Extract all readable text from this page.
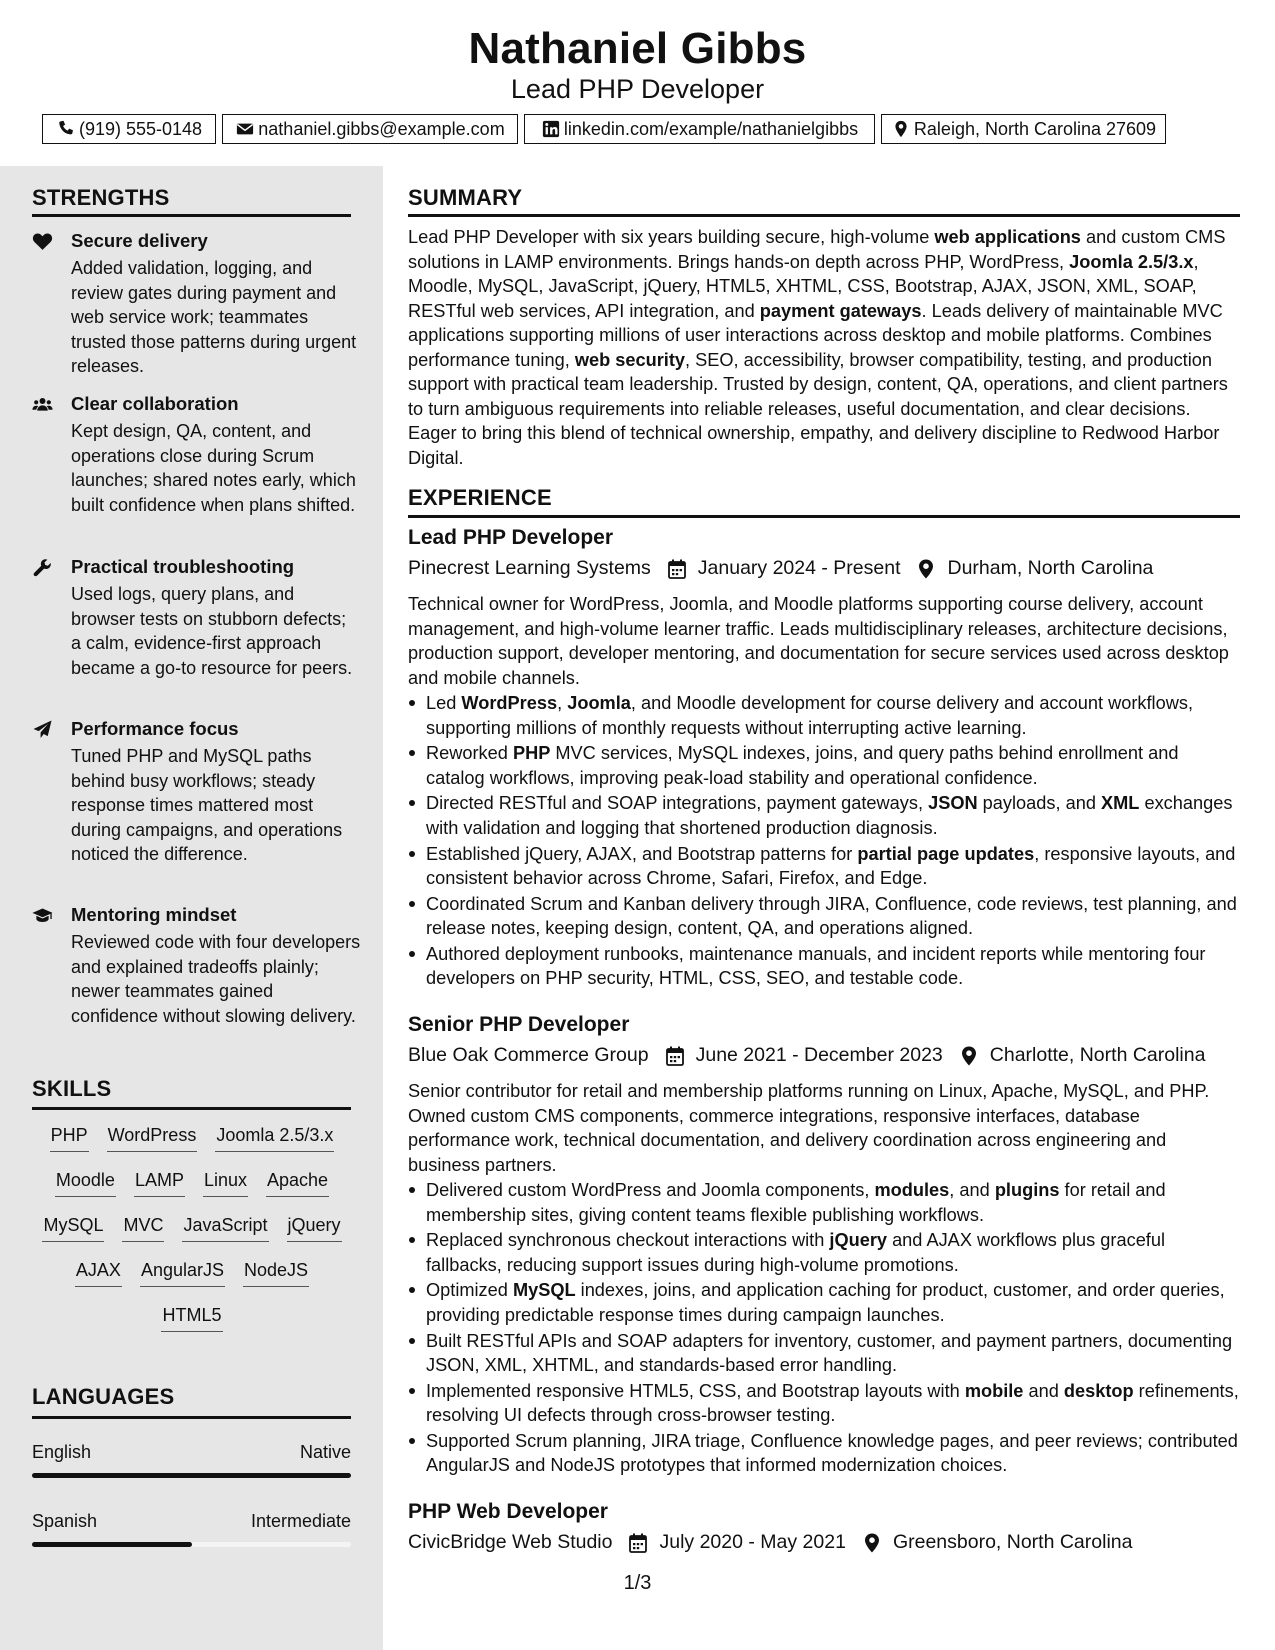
Nathaniel Gibbs
Lead PHP Developer
(919) 555-0148	nathaniel.gibbs@example.com	linkedin.com/example/nathanielgibbs	Raleigh, North Carolina 27609
STRENGTHS
Secure delivery
Added validation, logging, and review gates during payment and web service work; teammates trusted those patterns during urgent releases.
Clear collaboration
Kept design, QA, content, and operations close during Scrum launches; shared notes early, which built confidence when plans shifted.
Practical troubleshooting
Used logs, query plans, and browser tests on stubborn defects; a calm, evidence-first approach became a go-to resource for peers.
Performance focus
Tuned PHP and MySQL paths behind busy workflows; steady response times mattered most during campaigns, and operations noticed the difference.
Mentoring mindset
Reviewed code with four developers and explained tradeoffs plainly; newer teammates gained confidence without slowing delivery.
SKILLS
PHP WordPress Joomla 2.5/3.x
Moodle LAMP Linux Apache
MySQL MVC JavaScript jQuery
AJAX AngularJS NodeJS
HTML5
LANGUAGES
English	Native
Spanish	Intermediate
SUMMARY
Lead PHP Developer with six years building secure, high-volume web applications and custom CMS solutions in LAMP environments. Brings hands-on depth across PHP, WordPress, Joomla 2.5/3.x, Moodle, MySQL, JavaScript, jQuery, HTML5, XHTML, CSS, Bootstrap, AJAX, JSON, XML, SOAP, RESTful web services, API integration, and payment gateways. Leads delivery of maintainable MVC applications supporting millions of user interactions across desktop and mobile platforms. Combines performance tuning, web security, SEO, accessibility, browser compatibility, testing, and production support with practical team leadership. Trusted by design, content, QA, operations, and client partners to turn ambiguous requirements into reliable releases, useful documentation, and clear decisions. Eager to bring this blend of technical ownership, empathy, and delivery discipline to Redwood Harbor Digital.
EXPERIENCE
Lead PHP Developer
Pinecrest Learning Systems January 2024 - Present Durham, North Carolina
Technical owner for WordPress, Joomla, and Moodle platforms supporting course delivery, account management, and high-volume learner traffic. Leads multidisciplinary releases, architecture decisions, production support, developer mentoring, and documentation for secure services used across desktop and mobile channels.
Led WordPress, Joomla, and Moodle development for course delivery and account workflows, supporting millions of monthly requests without interrupting active learning.
Reworked PHP MVC services, MySQL indexes, joins, and query paths behind enrollment and catalog workflows, improving peak-load stability and operational confidence.
Directed RESTful and SOAP integrations, payment gateways, JSON payloads, and XML exchanges with validation and logging that shortened production diagnosis.
Established jQuery, AJAX, and Bootstrap patterns for partial page updates, responsive layouts, and consistent behavior across Chrome, Safari, Firefox, and Edge.
Coordinated Scrum and Kanban delivery through JIRA, Confluence, code reviews, test planning, and release notes, keeping design, content, QA, and operations aligned.
Authored deployment runbooks, maintenance manuals, and incident reports while mentoring four developers on PHP security, HTML, CSS, SEO, and testable code.
Senior PHP Developer
Blue Oak Commerce Group June 2021 - December 2023 Charlotte, North Carolina
Senior contributor for retail and membership platforms running on Linux, Apache, MySQL, and PHP. Owned custom CMS components, commerce integrations, responsive interfaces, database performance work, technical documentation, and delivery coordination across engineering and business partners.
Delivered custom WordPress and Joomla components, modules, and plugins for retail and membership sites, giving content teams flexible publishing workflows.
Replaced synchronous checkout interactions with jQuery and AJAX workflows plus graceful fallbacks, reducing support issues during high-volume promotions.
Optimized MySQL indexes, joins, and application caching for product, customer, and order queries, providing predictable response times during campaign launches.
Built RESTful APIs and SOAP adapters for inventory, customer, and payment partners, documenting JSON, XML, XHTML, and standards-based error handling.
Implemented responsive HTML5, CSS, and Bootstrap layouts with mobile and desktop refinements, resolving UI defects through cross-browser testing.
Supported Scrum planning, JIRA triage, Confluence knowledge pages, and peer reviews; contributed AngularJS and NodeJS prototypes that informed modernization choices.
PHP Web Developer
CivicBridge Web Studio July 2020 - May 2021 Greensboro, North Carolina
1/3
